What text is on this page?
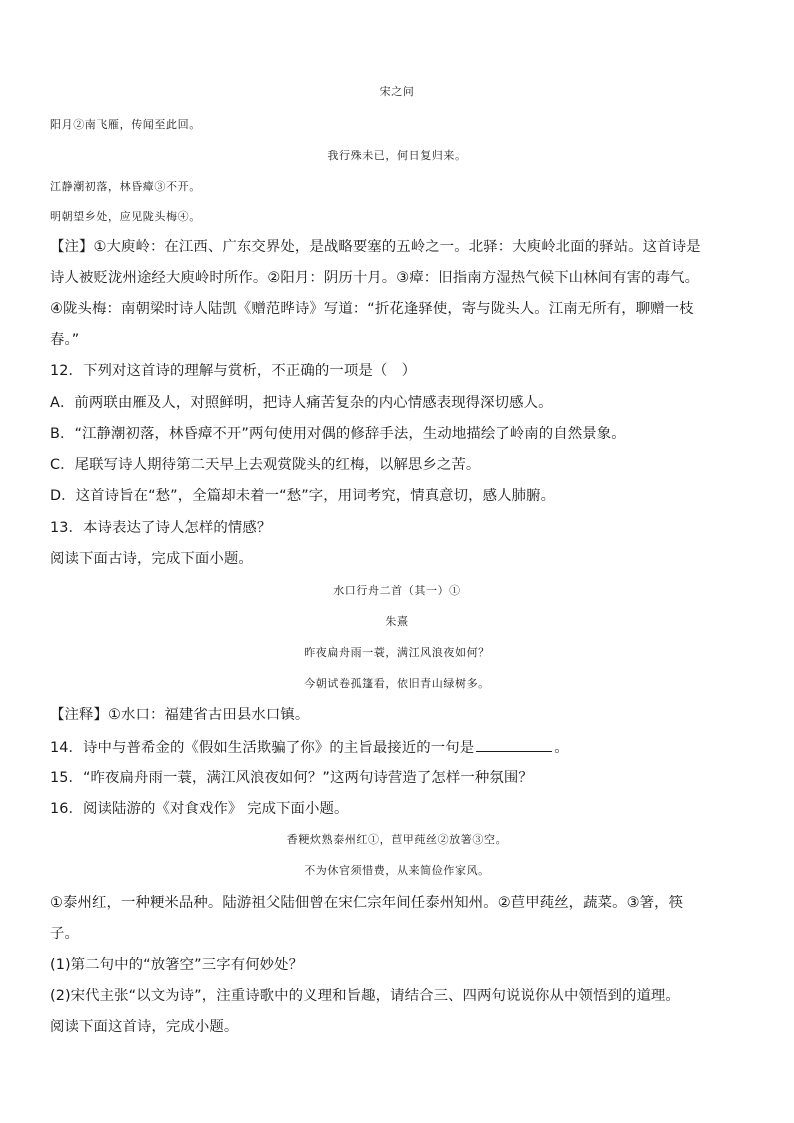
宋之问
阳月②南飞雁，传闻至此回。
我行殊未已，何日复归来。
江静潮初落，林昏瘴③不开。
明朝望乡处，应见陇头梅④。
【注】①大庾岭：在江西、广东交界处，是战略要塞的五岭之一。北驿：大庾岭北面的驿站。这首诗是
诗人被贬泷州途经大庾岭时所作。②阳月：阴历十月。③瘴：旧指南方湿热气候下山林间有害的毒气。
④陇头梅：南朝梁时诗人陆凯《赠范晔诗》写道：“折花逢驿使，寄与陇头人。江南无所有，聊赠一枝
春。”
12．下列对这首诗的理解与赏析，不正确的一项是（　）
A．前两联由雁及人，对照鲜明，把诗人痛苦复杂的内心情感表现得深切感人。
B．“江静潮初落，林昏瘴不开”两句使用对偶的修辞手法，生动地描绘了岭南的自然景象。
C．尾联写诗人期待第二天早上去观赏陇头的红梅，以解思乡之苦。
D．这首诗旨在“愁”，全篇却未着一“愁”字，用词考究，情真意切，感人肺腑。
13．本诗表达了诗人怎样的情感？
阅读下面古诗，完成下面小题。
水口行舟二首（其一）①
朱熹
昨夜扁舟雨一蓑，满江风浪夜如何？
今朝试卷孤篷看，依旧青山绿树多。
【注释】①水口：福建省古田县水口镇。
14．诗中与普希金的《假如生活欺骗了你》的主旨最接近的一句是	。
15．“昨夜扁舟雨一蓑，满江风浪夜如何？”这两句诗营造了怎样一种氛围？
16．阅读陆游的《对食戏作》 完成下面小题。
香粳炊熟泰州红①，苣甲莼丝②放箸③空。
不为休官须惜费，从来简俭作家风。
①泰州红，一种粳米品种。陆游祖父陆佃曾在宋仁宗年间任泰州知州。②苣甲莼丝，蔬菜。③箸，筷
子。
(1)第二句中的“放箸空”三字有何妙处？
(2)宋代主张“以文为诗”，注重诗歌中的义理和旨趣，请结合三、四两句说说你从中领悟到的道理。
阅读下面这首诗，完成小题。
